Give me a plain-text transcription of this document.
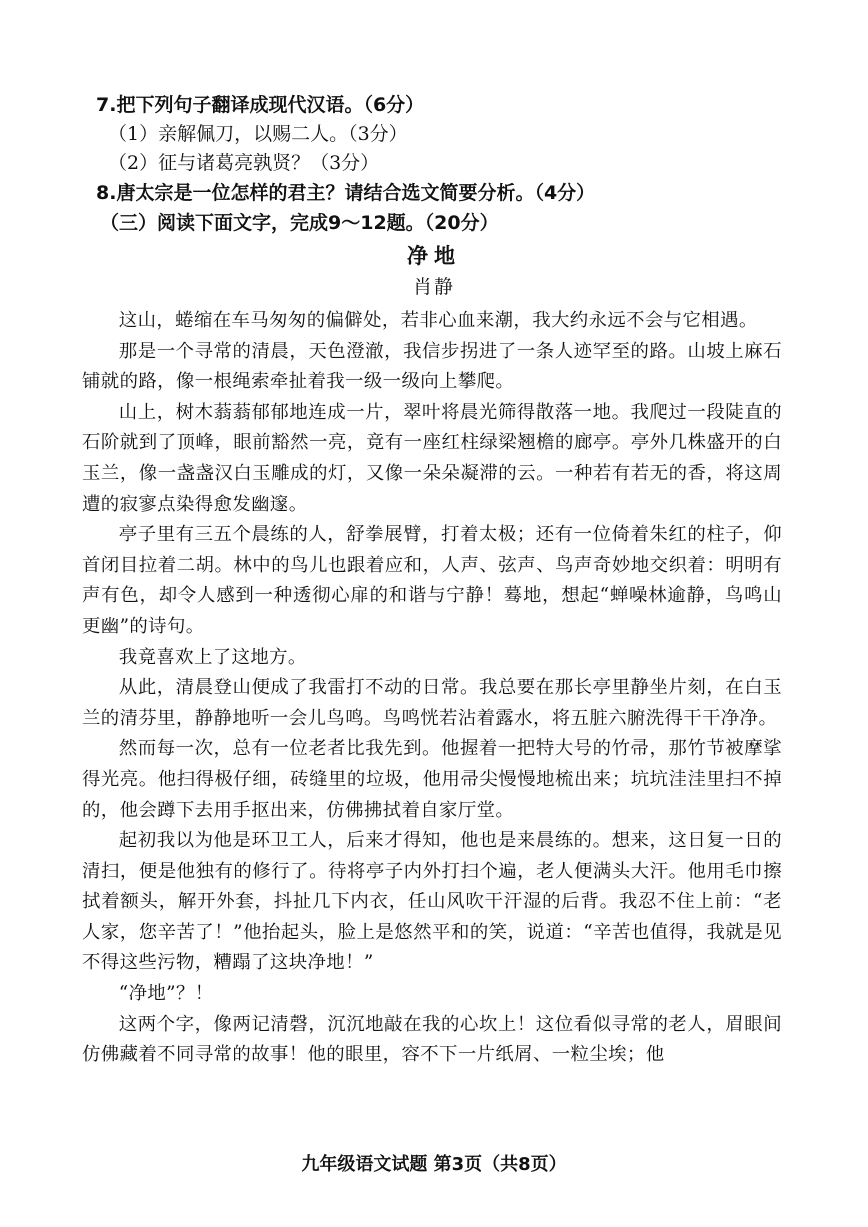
7.把下列句子翻译成现代汉语。（6分）
（1）亲解佩刀，以赐二人。（3分）
（2）征与诸葛亮孰贤？（3分）
8.唐太宗是一位怎样的君主？请结合选文简要分析。（4分）
（三）阅读下面文字，完成9～12题。（20分）
净地
肖静

这山，蜷缩在车马匆匆的偏僻处，若非心血来潮，我大约永远不会与它相遇。

那是一个寻常的清晨，天色澄澈，我信步拐进了一条人迹罕至的路。山坡上麻石铺就的路，像一根绳索牵扯着我一级一级向上攀爬。

山上，树木蓊蓊郁郁地连成一片，翠叶将晨光筛得散落一地。我爬过一段陡直的石阶就到了顶峰，眼前豁然一亮，竟有一座红柱绿梁翘檐的廊亭。亭外几株盛开的白玉兰，像一盏盏汉白玉雕成的灯，又像一朵朵凝滞的云。一种若有若无的香，将这周遭的寂寥点染得愈发幽邃。

亭子里有三五个晨练的人，舒拳展臂，打着太极；还有一位倚着朱红的柱子，仰首闭目拉着二胡。林中的鸟儿也跟着应和，人声、弦声、鸟声奇妙地交织着：明明有声有色，却令人感到一种透彻心扉的和谐与宁静！蓦地，想起“蝉噪林逾静，鸟鸣山更幽”的诗句。

我竟喜欢上了这地方。

从此，清晨登山便成了我雷打不动的日常。我总要在那长亭里静坐片刻，在白玉兰的清芬里，静静地听一会儿鸟鸣。鸟鸣恍若沾着露水，将五脏六腑洗得干干净净。

然而每一次，总有一位老者比我先到。他握着一把特大号的竹帚，那竹节被摩挲得光亮。他扫得极仔细，砖缝里的垃圾，他用帚尖慢慢地梳出来；坑坑洼洼里扫不掉的，他会蹲下去用手抠出来，仿佛拂拭着自家厅堂。

起初我以为他是环卫工人，后来才得知，他也是来晨练的。想来，这日复一日的清扫，便是他独有的修行了。待将亭子内外打扫个遍，老人便满头大汗。他用毛巾擦拭着额头，解开外套，抖扯几下内衣，任山风吹干汗湿的后背。我忍不住上前：“老人家，您辛苦了！”他抬起头，脸上是悠然平和的笑，说道：“辛苦也值得，我就是见不得这些污物，糟蹋了这块净地！”

“净地”？！

这两个字，像两记清磬，沉沉地敲在我的心坎上！这位看似寻常的老人，眉眼间仿佛藏着不同寻常的故事！他的眼里，容不下一片纸屑、一粒尘埃；他

九年级语文试题 第3页（共8页）
